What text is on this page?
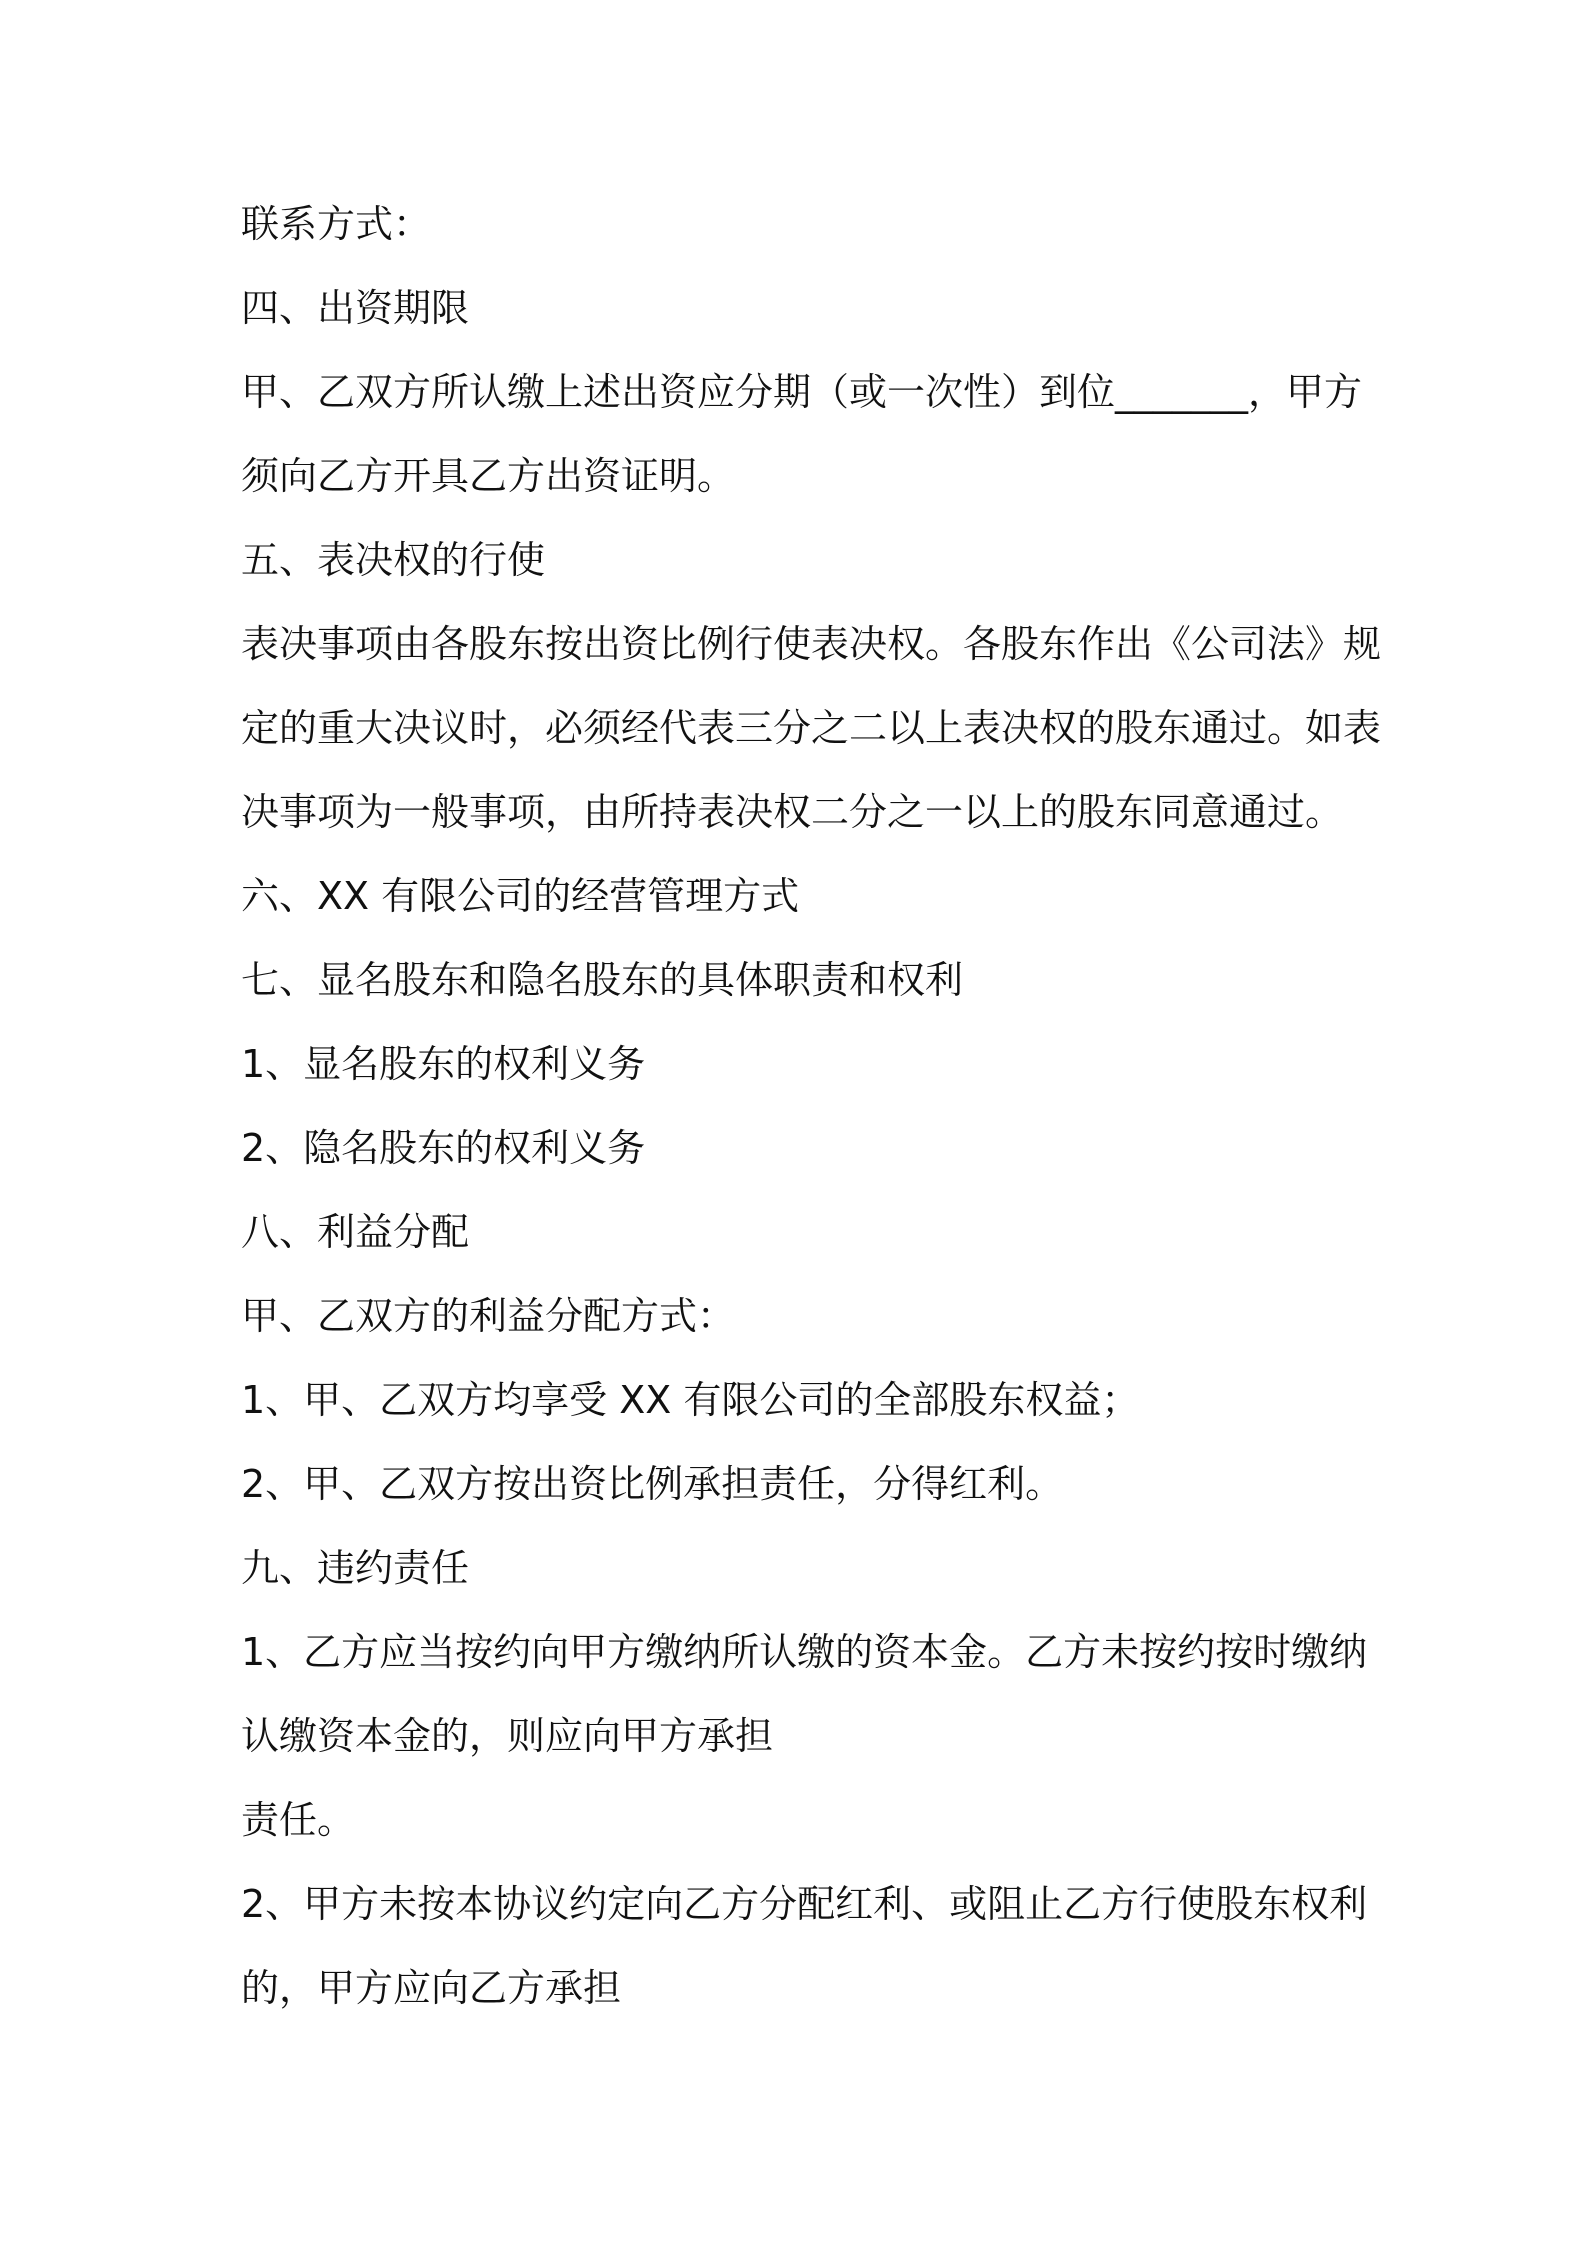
联系方式：

四、出资期限

甲、乙双方所认缴上述出资应分期（或一次性）到位_______，甲方

须向乙方开具乙方出资证明。

五、表决权的行使

表决事项由各股东按出资比例行使表决权。各股东作出《公司法》规

定的重大决议时，必须经代表三分之二以上表决权的股东通过。如表

决事项为一般事项，由所持表决权二分之一以上的股东同意通过。

六、XX 有限公司的经营管理方式

七、显名股东和隐名股东的具体职责和权利

1、显名股东的权利义务

2、隐名股东的权利义务

八、利益分配

甲、乙双方的利益分配方式：

1、甲、乙双方均享受 XX 有限公司的全部股东权益；

2、甲、乙双方按出资比例承担责任，分得红利。

九、违约责任

1、乙方应当按约向甲方缴纳所认缴的资本金。乙方未按约按时缴纳

认缴资本金的，则应向甲方承担

责任。

2、甲方未按本协议约定向乙方分配红利、或阻止乙方行使股东权利

的，甲方应向乙方承担
